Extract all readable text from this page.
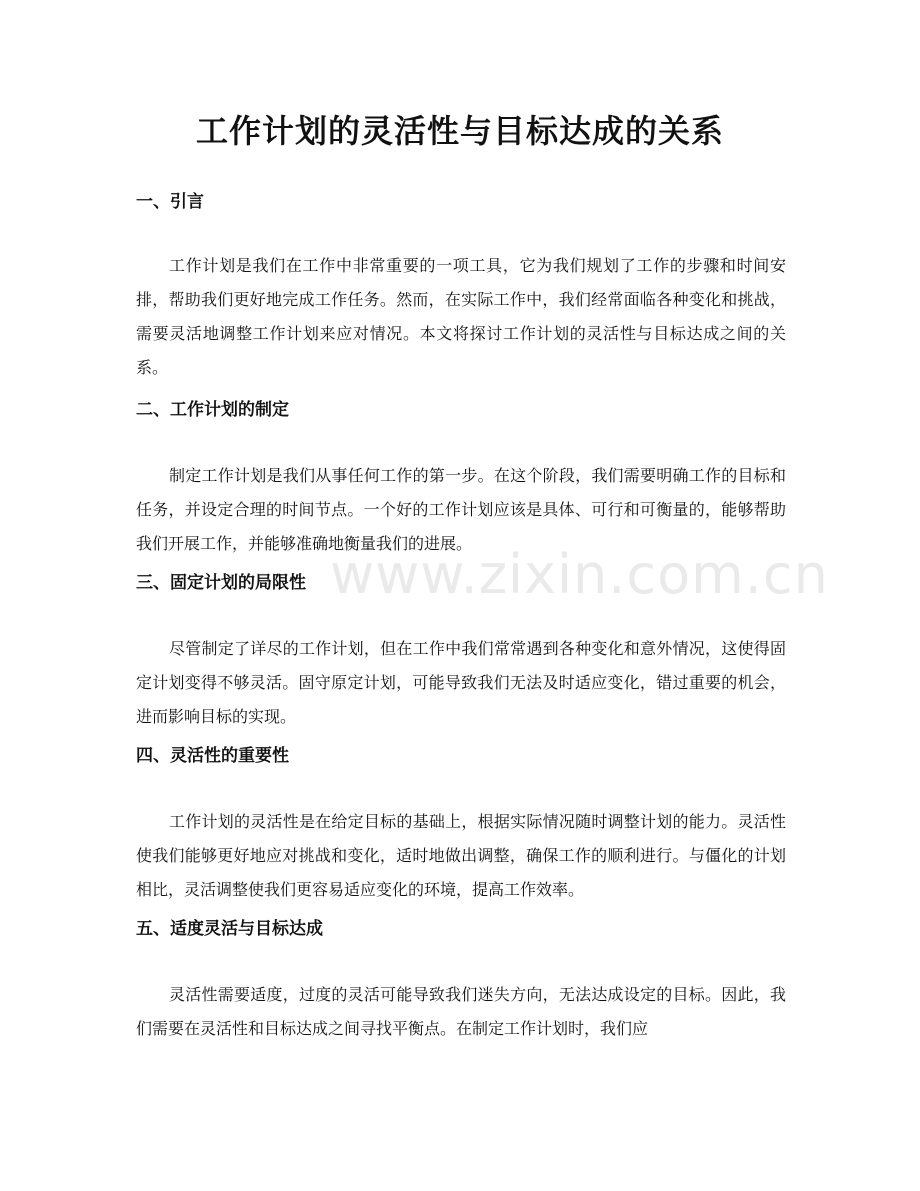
www.zixin.com.cn
工作计划的灵活性与目标达成的关系
一、引言

工作计划是我们在工作中非常重要的一项工具，它为我们规划了工作的步骤和时间安排，帮助我们更好地完成工作任务。然而，在实际工作中，我们经常面临各种变化和挑战，需要灵活地调整工作计划来应对情况。本文将探讨工作计划的灵活性与目标达成之间的关系。

二、工作计划的制定

制定工作计划是我们从事任何工作的第一步。在这个阶段，我们需要明确工作的目标和任务，并设定合理的时间节点。一个好的工作计划应该是具体、可行和可衡量的，能够帮助我们开展工作，并能够准确地衡量我们的进展。

三、固定计划的局限性

尽管制定了详尽的工作计划，但在工作中我们常常遇到各种变化和意外情况，这使得固定计划变得不够灵活。固守原定计划，可能导致我们无法及时适应变化，错过重要的机会，进而影响目标的实现。

四、灵活性的重要性

工作计划的灵活性是在给定目标的基础上，根据实际情况随时调整计划的能力。灵活性使我们能够更好地应对挑战和变化，适时地做出调整，确保工作的顺利进行。与僵化的计划相比，灵活调整使我们更容易适应变化的环境，提高工作效率。

五、适度灵活与目标达成

灵活性需要适度，过度的灵活可能导致我们迷失方向，无法达成设定的目标。因此，我们需要在灵活性和目标达成之间寻找平衡点。在制定工作计划时，我们应
